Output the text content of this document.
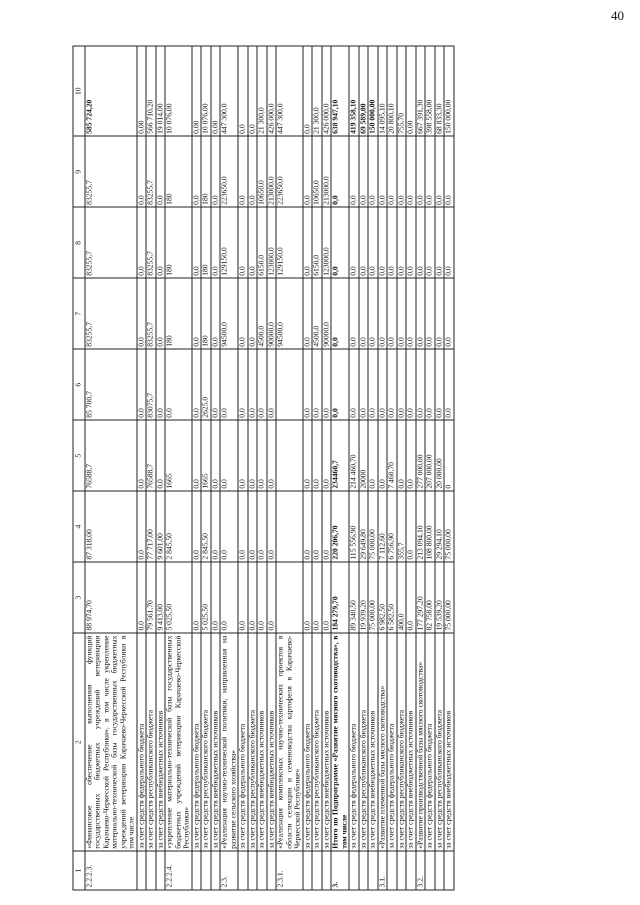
40
1	2	3	4	5	6	7	8	9	10
2.2.2.3.	«Финансовое обеспечение выполнения функций государственных бюджетных учреждений ветеринарии Карачаево-Черкесской Республики», в том числе укрепление материально-технической базы государственных бюджетных учреждений ветеринарии Карачаево-Черкесской Республики в том числе	88 974,70	87 318,00	76588,7	85 700,7	83255,7	83255,7	83255,7	585 724,20
	за счет средств федерального бюджета	0,0	0,0	0,0	0,0	0,0	0,0	0,0	0,00
	за счет средств республиканского бюджета	79 561,70	77 717,00	76588,7	83075,7	83255,7	83255,7	83255,7	566 710,20
	за счет средств внебюджетных источников	9 413,00	9 601,00	0,0	0,0	0,0	0,0	0,0	19 014,00
2.2.2.4.	«укрепление материально-технической базы государственных бюджетных учреждений ветеринарии Карачаево-Черкесской Республики»	5 025,50	2 845,50	1665	0,0	180	180	180	10 076,00
	за счет средств федерального бюджета	0,0	0,0	0,0	0,0	0,0	0,0	0,0	0,00
	за счет средств республиканского бюджета	5 025,50	2 845,50	1665	2625,0	180	180	180	10 076,00
	за счет средств внебюджетных источников	0,0	0,0	0,0	0,0	0,0	0,0	0,0	0,00
2.3.	«Реализация научно-технической политики, направленная на развитие сельского хозяйства»	0,0	0,0	0,0	0,0	94500,0	129150,0	223650,0	447 300,0
	за счет средств федерального бюджета	0,0	0,0	0,0	0,0	0,0	0,0	0,0	0,0
	за счет средств республиканского бюджета	0,0	0,0	0,0	0,0	0,0	0,0	0,0	0,0
	за счет средств внебюджетных источников	0,0	0,0	0,0	0,0	4500,0	6150,0	10650,0	21 300,0
	за счет средств внебюджетных источников	0,0	0,0	0,0	0,0	90000,0	123000,0	213000,0	426 000,0
2.3.1.	«Реализация комплексных научно-технических проектов в области селекции и семеноводства картофеля в Карачаево-Черкесской Республике»					94500,0	129150,0	223650,0	447 300,0
	за счет средств федерального бюджета	0,0	0,0	0,0	0,0	0,0	0,0	0,0	0,0
	за счет средств республиканского бюджета	0,0	0,0	0,0	0,0	4500,0	6150,0	10650,0	21 300,0
	за счет средств внебюджетных источников	0,0	0,0	0,0	0,0	90000,0	123000,0	213000,0	426 000,0
3.	Итого по Подпрограмме «Развитие мясного скотоводства», в том числе	184 279,70	220 206,70	234460,7	0,0	0,0	0,0	0,0	638 947,10
	за счет средств федерального бюджета	89 340,50	115 556,90	214 460,70	0,0	0,0	0,0	0,0	419 358,10
	за счет средств республиканского бюджета	19 939,20	29 649,80	20000	0,0	0,0	0,0	0,0	69 589,00
	за счет средств внебюджетных источников	75 000,00	75 000,00	0,0	0,0	0,0	0,0	0,0	150 000,00
3.1.	«Развитие племенной базы мясного скотоводства»	6 982,50	7 112,60	0,0	0,0	0,0	0,0	0,0	14 095,10
	за счет средств федерального бюджета	6 582,50	6 756,90	7 460,70	0,0	0,0	0,0	0,0	20 800,10
	за счет средств республиканского бюджета	400,0	355,7	0,0	0,0	0,0	0,0	0,0	755,70
	за счет средств внебюджетных источников	0,0	0,0	0,0	0,0	0,0	0,0	0,0	0,00
3.2.	«Развитие производственной базы мясного скотоводства»	177 297,20	213 094,10	277 000,00	0,0	0,0	0,0	0,0	667 391,30
	за счет средств федерального бюджета	82 758,00	108 800,00	207 000,00	0,0	0,0	0,0	0,0	398 558,00
	за счет средств республиканского бюджета	19 539,20	29 294,10	20 000,00	0,0	0,0	0,0	0,0	68 833,30
	за счет средств внебюджетных источников	75 000,00	75 000,00	0	0,0	0,0	0,0	0,0	150 000,00
